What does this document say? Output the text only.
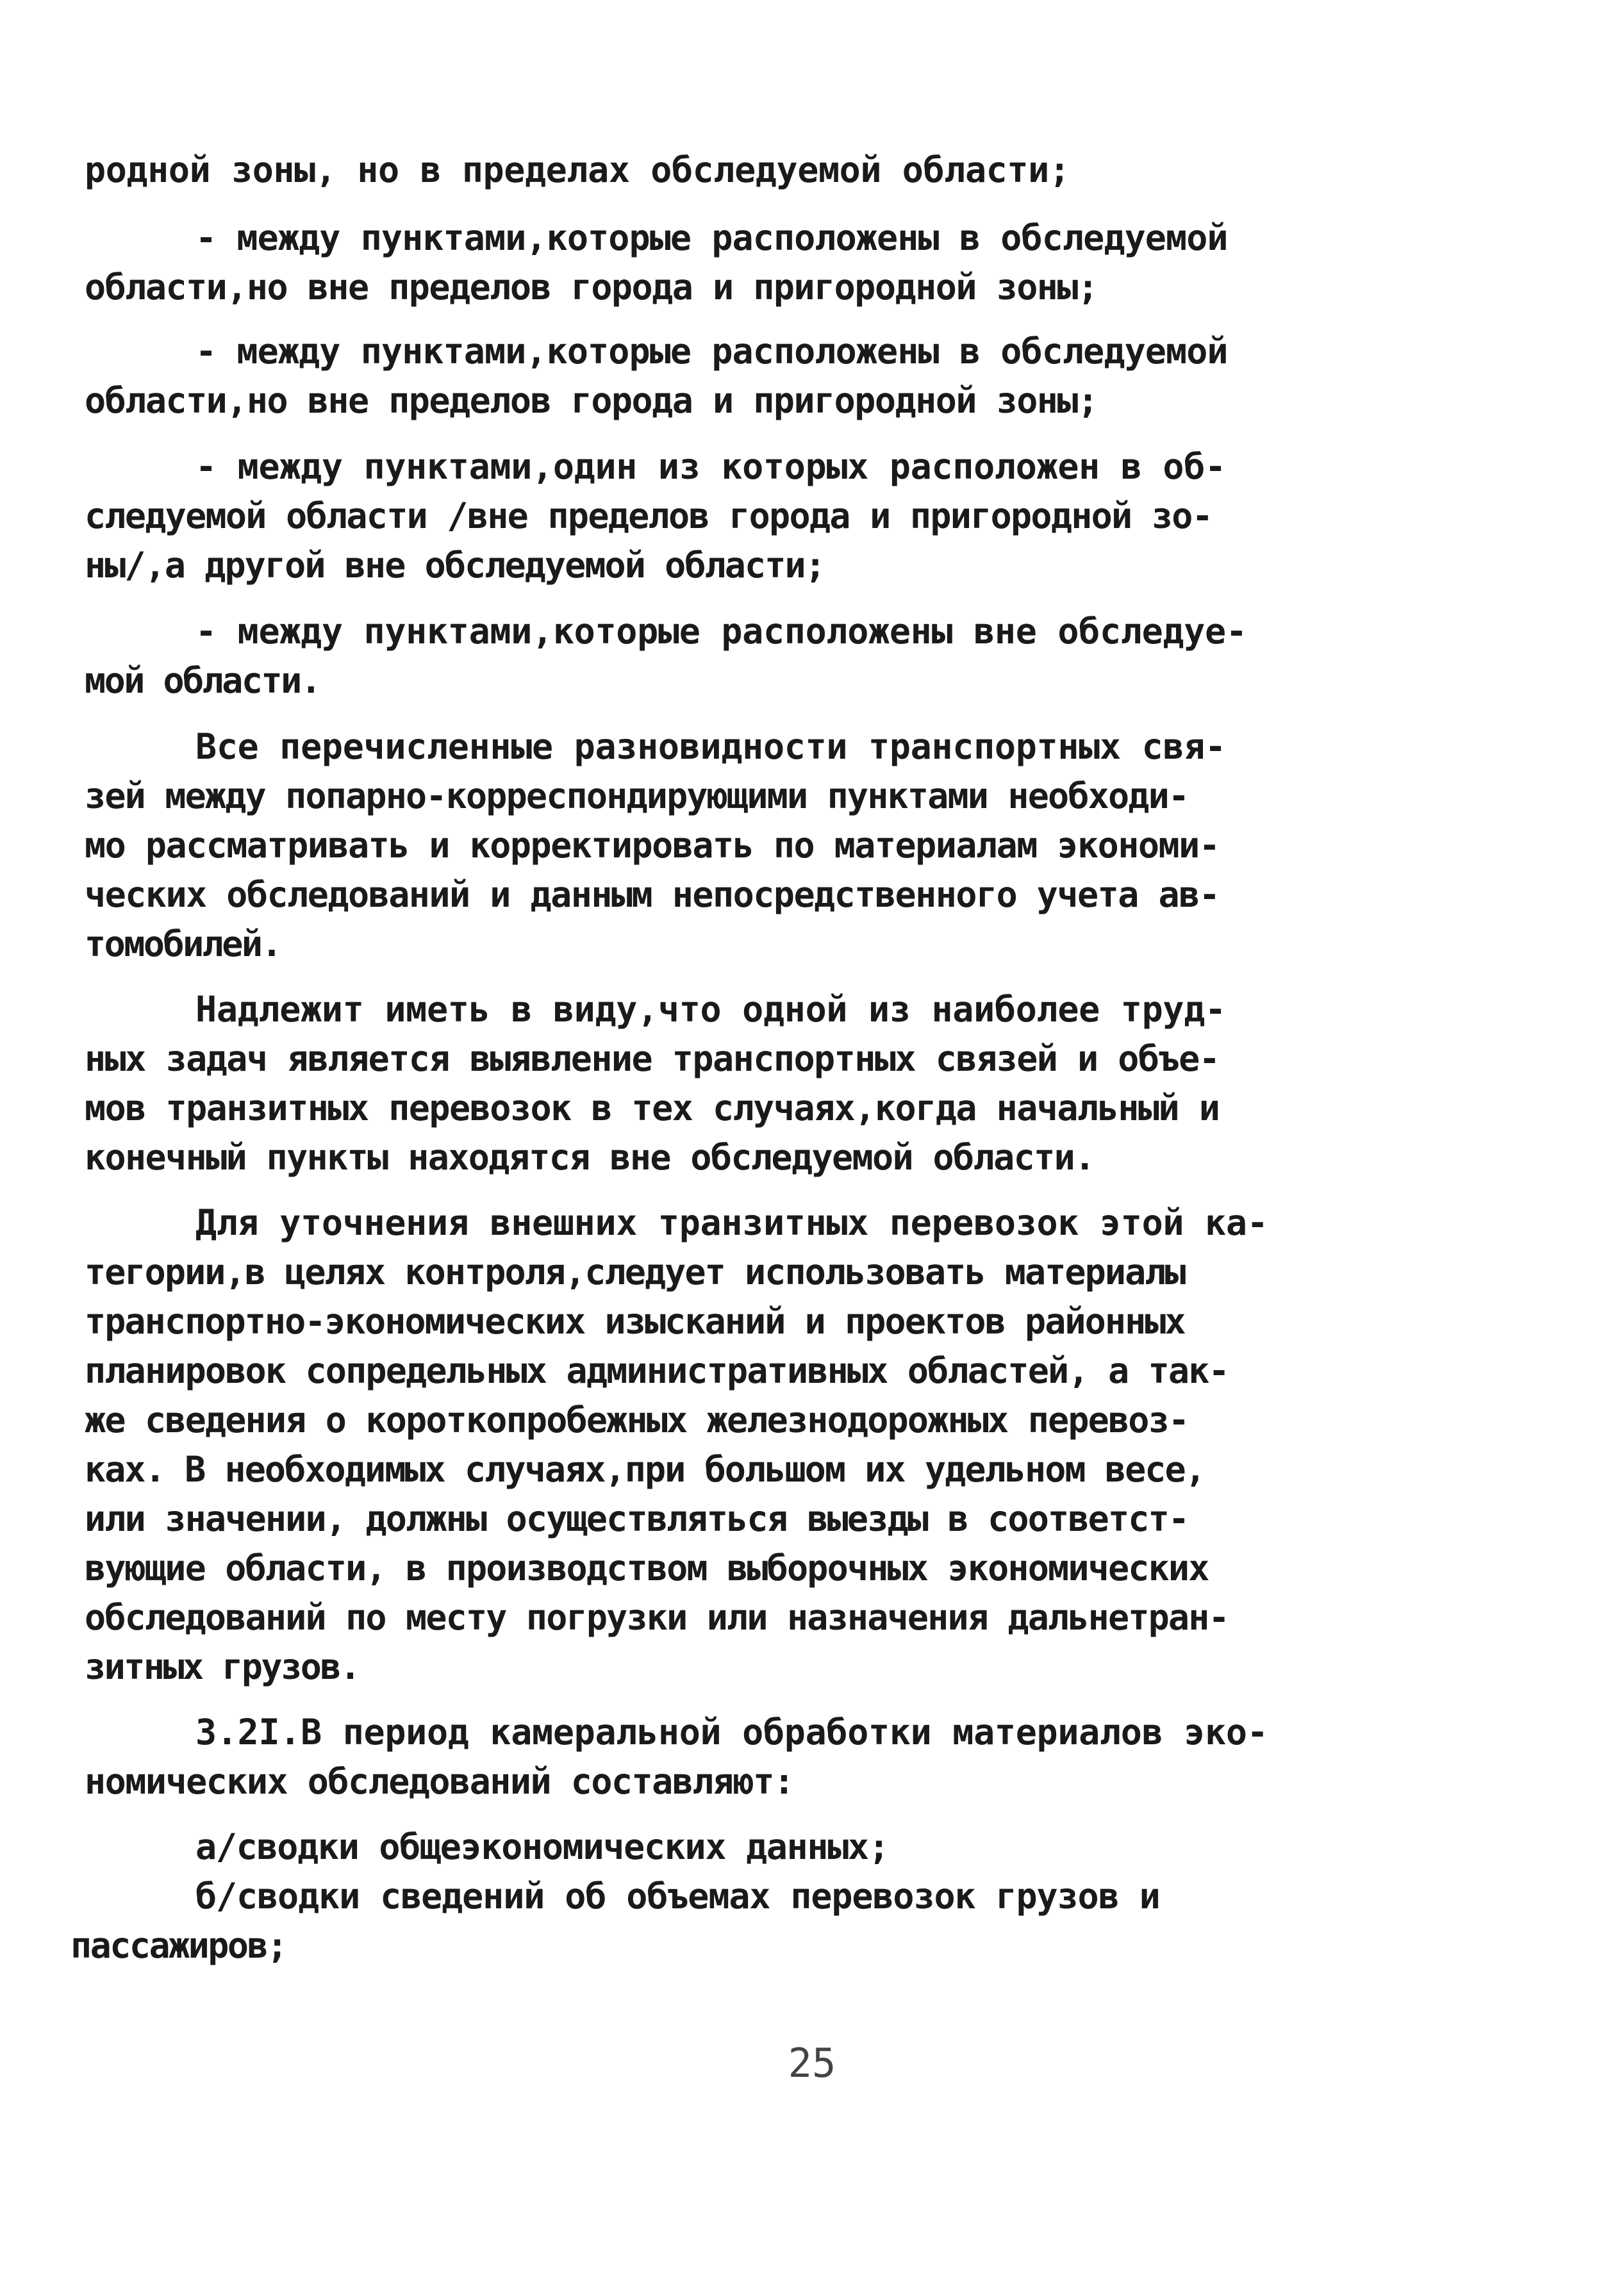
родной зоны, но в пределах обследуемой области;
- между пунктами,которые расположены в обследуемой
области,но вне пределов города и пригородной зоны;
- между пунктами,которые расположены в обследуемой
области,но вне пределов города и пригородной зоны;
- между пунктами,один из которых расположен в об-
следуемой области /вне пределов города и пригородной зо-
ны/,а другой вне обследуемой области;
- между пунктами,которые расположены вне обследуе-
мой области.
Все перечисленные разновидности транспортных свя-
зей между попарно-корреспондирующими пунктами необходи-
мо рассматривать и корректировать по материалам экономи-
ческих обследований и данным непосредственного учета ав-
томобилей.
Надлежит иметь в виду,что одной из наиболее труд-
ных задач является выявление транспортных связей и объе-
мов транзитных перевозок в тех случаях,когда начальный и
конечный пункты находятся вне обследуемой области.
Для уточнения внешних транзитных перевозок этой ка-
тегории,в целях контроля,следует использовать материалы
транспортно-экономических изысканий и проектов районных
планировок сопредельных административных областей, а так-
же сведения о короткопробежных железнодорожных перевоз-
ках. В необходимых случаях,при большом их удельном весе,
или значении, должны осуществляться выезды в соответст-
вующие области, в производством выборочных экономических
обследований по месту погрузки или назначения дальнетран-
зитных грузов.
3.2I.В период камеральной обработки материалов эко-
номических обследований составляют:
а/сводки общеэкономических данных;
б/сводки сведений об объемах перевозок грузов и
пассажиров;
25
